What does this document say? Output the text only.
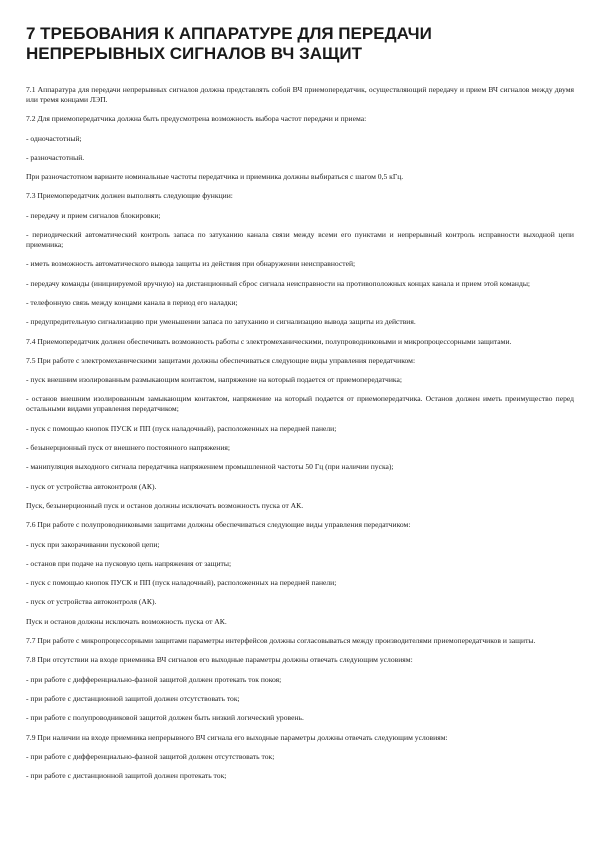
7 ТРЕБОВАНИЯ К АППАРАТУРЕ ДЛЯ ПЕРЕДАЧИ
НЕПРЕРЫВНЫХ СИГНАЛОВ ВЧ ЗАЩИТ

7.1 Аппаратура для передачи непрерывных сигналов должна представлять собой ВЧ приемопередатчик, осуществляющий передачу и прием ВЧ сигналов между двумя или тремя концами ЛЭП.

7.2 Для приемопередатчика должна быть предусмотрена возможность выбора частот передачи и приема:

- одночастотный;

- разночастотный.

При разночастотном варианте номинальные частоты передатчика и приемника должны выбираться с шагом 0,5 кГц.

7.3 Приемопередатчик должен выполнять следующие функции:

- передачу и прием сигналов блокировки;

- периодический автоматический контроль запаса по затуханию канала связи между всеми его пунктами и непрерывный контроль исправности выходной цепи приемника;

- иметь возможность автоматического вывода защиты из действия при обнаружении неисправностей;

- передачу команды (инициируемой вручную) на дистанционный сброс сигнала неисправности на противоположных концах канала и прием этой команды;

- телефонную связь между концами канала в период его наладки;

- предупредительную сигнализацию при уменьшении запаса по затуханию и сигнализацию вывода защиты из действия.

7.4 Приемопередатчик должен обеспечивать возможность работы с электромеханическими, полупроводниковыми и микропроцессорными защитами.

7.5 При работе с электромеханическими защитами должны обеспечиваться следующие виды управления передатчиком:

- пуск внешним изолированным размыкающим контактом, напряжение на который подается от приемопередатчика;

- останов внешним изолированным замыкающим контактом, напряжение на который подается от приемопередатчика. Останов должен иметь преимущество перед остальными видами управления передатчиком;

- пуск с помощью кнопок ПУСК и ПП (пуск наладочный), расположенных на передней панели;

- безынерционный пуск от внешнего постоянного напряжения;

- манипуляция выходного сигнала передатчика напряжением промышленной частоты 50 Гц (при наличии пуска);

- пуск от устройства автоконтроля (АК).

Пуск, безынерционный пуск и останов должны исключать возможность пуска от АК.

7.6 При работе с полупроводниковыми защитами должны обеспечиваться следующие виды управления передатчиком:

- пуск при закорачивании пусковой цепи;

- останов при подаче на пусковую цепь напряжения от защиты;

- пуск с помощью кнопок ПУСК и ПП (пуск наладочный), расположенных на передней панели;

- пуск от устройства автоконтроля (АК).

Пуск и останов должны исключать возможность пуска от АК.

7.7 При работе с микропроцессорными защитами параметры интерфейсов должны согласовываться между производителями приемопередатчиков и защиты.

7.8 При отсутствии на входе приемника ВЧ сигналов его выходные параметры должны отвечать следующим условиям:

- при работе с дифференциально-фазной защитой должен протекать ток покоя;

- при работе с дистанционной защитой должен отсутствовать ток;

- при работе с полупроводниковой защитой должен быть низкий логический уровень.

7.9 При наличии на входе приемника непрерывного ВЧ сигнала его выходные параметры должны отвечать следующим условиям:

- при работе с дифференциально-фазной защитой должен отсутствовать ток;

- при работе с дистанционной защитой должен протекать ток;
